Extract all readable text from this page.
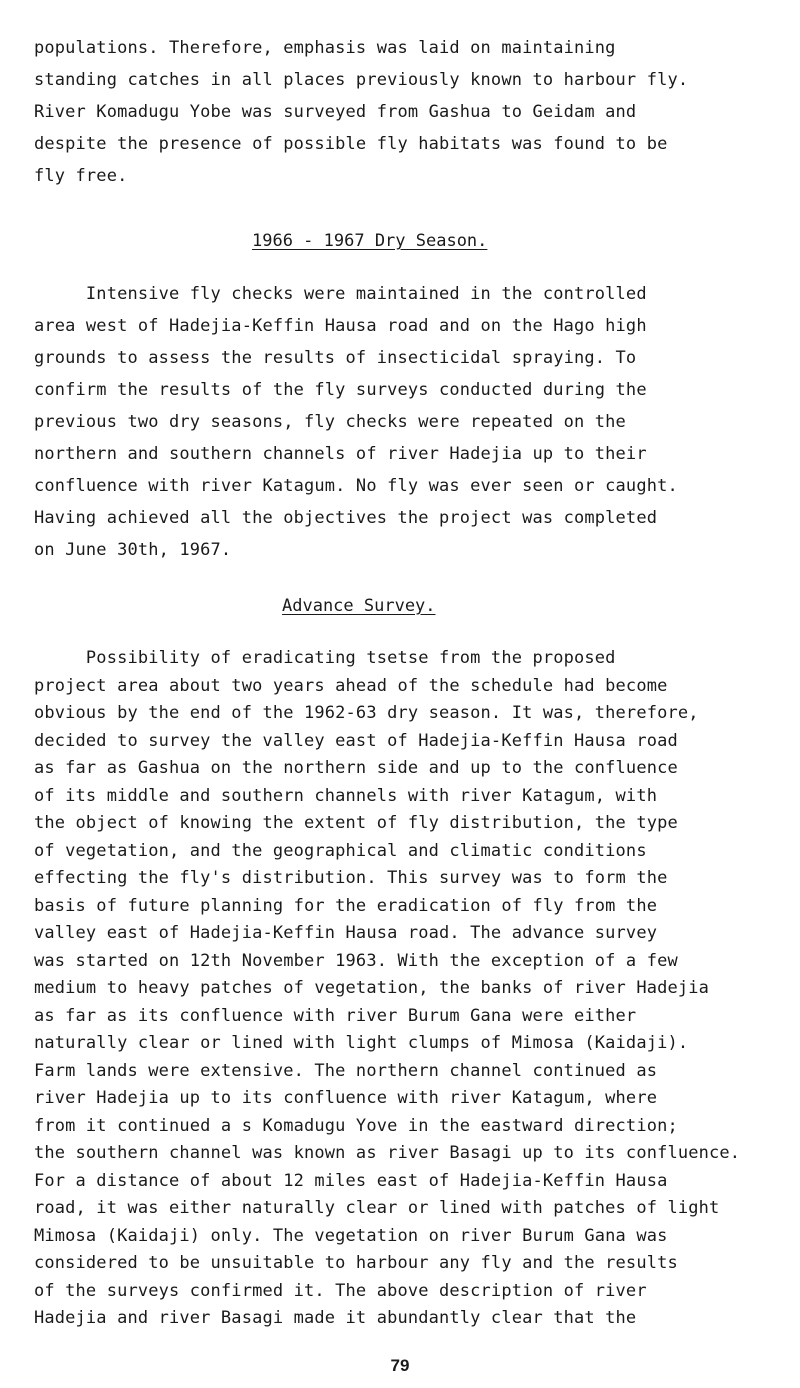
populations. Therefore, emphasis was laid on maintaining
standing catches in all places previously known to harbour fly.
River Komadugu Yobe was surveyed from Gashua to Geidam and
despite the presence of possible fly habitats was found to be
fly free.
1966 - 1967 Dry Season.
Intensive fly checks were maintained in the controlled
area west of Hadejia-Keffin Hausa road and on the Hago high
grounds to assess the results of insecticidal spraying. To
confirm the results of the fly surveys conducted during the
previous two dry seasons, fly checks were repeated on the
northern and southern channels of river Hadejia up to their
confluence with river Katagum. No fly was ever seen or caught.
Having achieved all the objectives the project was completed
on June 30th, 1967.
Advance Survey.
Possibility of eradicating tsetse from the proposed
project area about two years ahead of the schedule had become
obvious by the end of the 1962-63 dry season. It was, therefore,
decided to survey the valley east of Hadejia-Keffin Hausa road
as far as Gashua on the northern side and up to the confluence
of its middle and southern channels with river Katagum, with
the object of knowing the extent of fly distribution, the type
of vegetation, and the geographical and climatic conditions
effecting the fly's distribution. This survey was to form the
basis of future planning for the eradication of fly from the
valley east of Hadejia-Keffin Hausa road. The advance survey
was started on 12th November 1963. With the exception of a few
medium to heavy patches of vegetation, the banks of river Hadejia
as far as its confluence with river Burum Gana were either
naturally clear or lined with light clumps of Mimosa (Kaidaji).
Farm lands were extensive. The northern channel continued as
river Hadejia up to its confluence with river Katagum, where
from it continued a s Komadugu Yove in the eastward direction;
the southern channel was known as river Basagi up to its confluence.
For a distance of about 12 miles east of Hadejia-Keffin Hausa
road, it was either naturally clear or lined with patches of light
Mimosa (Kaidaji) only. The vegetation on river Burum Gana was
considered to be unsuitable to harbour any fly and the results
of the surveys confirmed it. The above description of river
Hadejia and river Basagi made it abundantly clear that the
79
